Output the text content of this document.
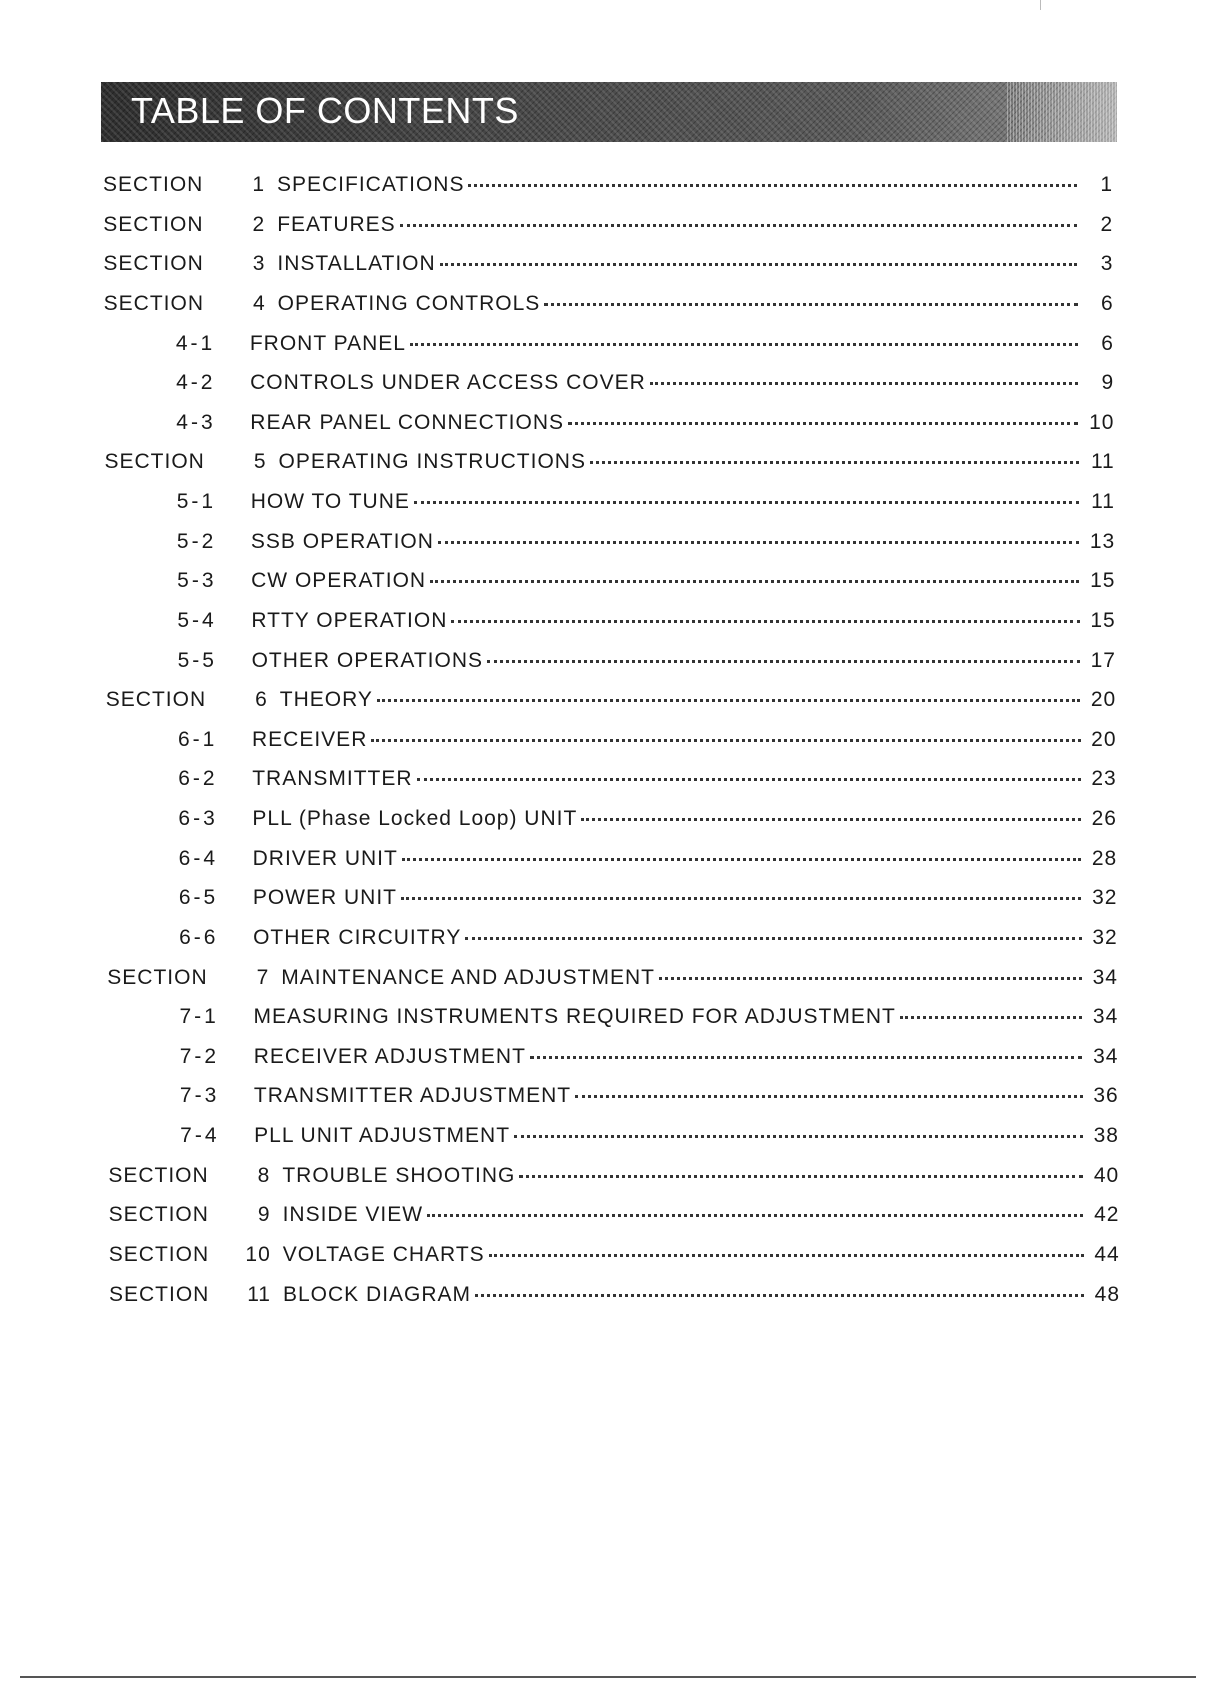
TABLE OF CONTENTS
SECTION	1 SPECIFICATIONS	1
SECTION	2 FEATURES	2
SECTION	3 INSTALLATION	3
SECTION	4 OPERATING CONTROLS	6
4-1	FRONT PANEL	6
4-2	CONTROLS UNDER ACCESS COVER	9
4-3	REAR PANEL CONNECTIONS	10
SECTION	5 OPERATING INSTRUCTIONS	11
5-1	HOW TO TUNE	11
5-2	SSB OPERATION	13
5-3	CW OPERATION	15
5-4	RTTY OPERATION	15
5-5	OTHER OPERATIONS	17
SECTION	6 THEORY	20
6-1	RECEIVER	20
6-2	TRANSMITTER	23
6-3	PLL (Phase Locked Loop) UNIT	26
6-4	DRIVER UNIT	28
6-5	POWER UNIT	32
6-6	OTHER CIRCUITRY	32
SECTION	7 MAINTENANCE AND ADJUSTMENT	34
7-1	MEASURING INSTRUMENTS REQUIRED FOR ADJUSTMENT	34
7-2	RECEIVER ADJUSTMENT	34
7-3	TRANSMITTER ADJUSTMENT	36
7-4	PLL UNIT ADJUSTMENT	38
SECTION	8 TROUBLE SHOOTING	40
SECTION	9 INSIDE VIEW	42
SECTION	10 VOLTAGE CHARTS	44
SECTION	11 BLOCK DIAGRAM	48
